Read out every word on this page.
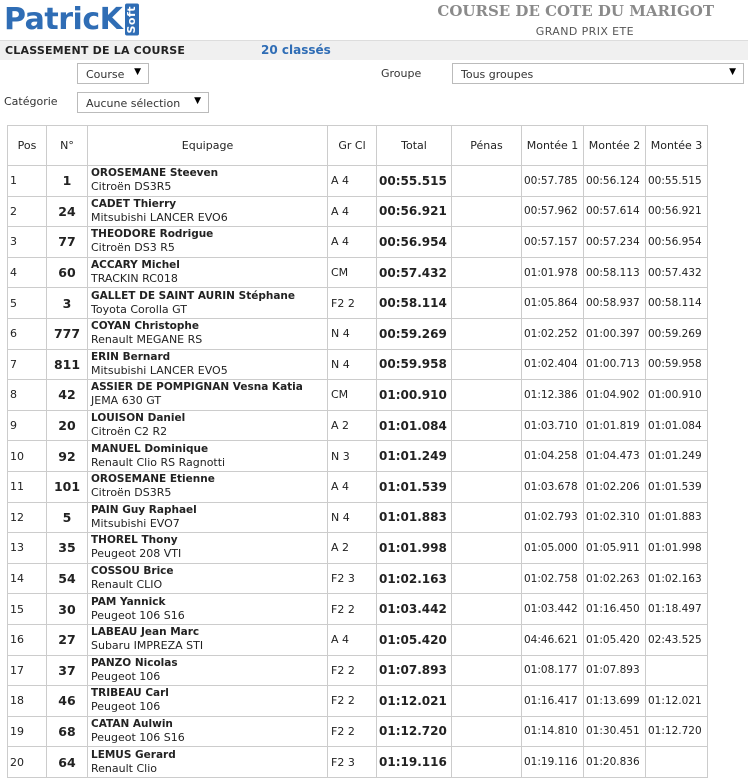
PatricK Soft	COURSE DE COTE DU MARIGOT
GRAND PRIX ETE
CLASSEMENT DE LA COURSE	20 classés
Course ▼	Groupe	Tous groupes	▼
Catégorie	Aucune sélection ▼
Pos	N°	Equipage	Gr Cl	Total	Pénas	Montée 1	Montée 2	Montée 3
1	1	OROSEMANE Steeven
Citroën DS3R5	A 4	00:55.515		00:57.785	00:56.124	00:55.515
2	24	CADET Thierry
Mitsubishi LANCER EVO6	A 4	00:56.921		00:57.962	00:57.614	00:56.921
3	77	THEODORE Rodrigue
Citroën DS3 R5	A 4	00:56.954		00:57.157	00:57.234	00:56.954
4	60	ACCARY Michel
TRACKIN RC018	CM	00:57.432		01:01.978	00:58.113	00:57.432
5	3	GALLET DE SAINT AURIN Stéphane
Toyota Corolla GT	F2 2	00:58.114		01:05.864	00:58.937	00:58.114
6	777	COYAN Christophe
Renault MEGANE RS	N 4	00:59.269		01:02.252	01:00.397	00:59.269
7	811	ERIN Bernard
Mitsubishi LANCER EVO5	N 4	00:59.958		01:02.404	01:00.713	00:59.958
8	42	ASSIER DE POMPIGNAN Vesna Katia
JEMA 630 GT	CM	01:00.910		01:12.386	01:04.902	01:00.910
9	20	LOUISON Daniel
Citroën C2 R2	A 2	01:01.084		01:03.710	01:01.819	01:01.084
10	92	MANUEL Dominique
Renault Clio RS Ragnotti	N 3	01:01.249		01:04.258	01:04.473	01:01.249
11	101	OROSEMANE Etienne
Citroën DS3R5	A 4	01:01.539		01:03.678	01:02.206	01:01.539
12	5	PAIN Guy Raphael
Mitsubishi EVO7	N 4	01:01.883		01:02.793	01:02.310	01:01.883
13	35	THOREL Thony
Peugeot 208 VTI	A 2	01:01.998		01:05.000	01:05.911	01:01.998
14	54	COSSOU Brice
Renault CLIO	F2 3	01:02.163		01:02.758	01:02.263	01:02.163
15	30	PAM Yannick
Peugeot 106 S16	F2 2	01:03.442		01:03.442	01:16.450	01:18.497
16	27	LABEAU Jean Marc
Subaru IMPREZA STI	A 4	01:05.420		04:46.621	01:05.420	02:43.525
17	37	PANZO Nicolas
Peugeot 106	F2 2	01:07.893		01:08.177	01:07.893	
18	46	TRIBEAU Carl
Peugeot 106	F2 2	01:12.021		01:16.417	01:13.699	01:12.021
19	68	CATAN Aulwin
Peugeot 106 S16	F2 2	01:12.720		01:14.810	01:30.451	01:12.720
20	64	LEMUS Gerard
Renault Clio	F2 3	01:19.116		01:19.116	01:20.836	
